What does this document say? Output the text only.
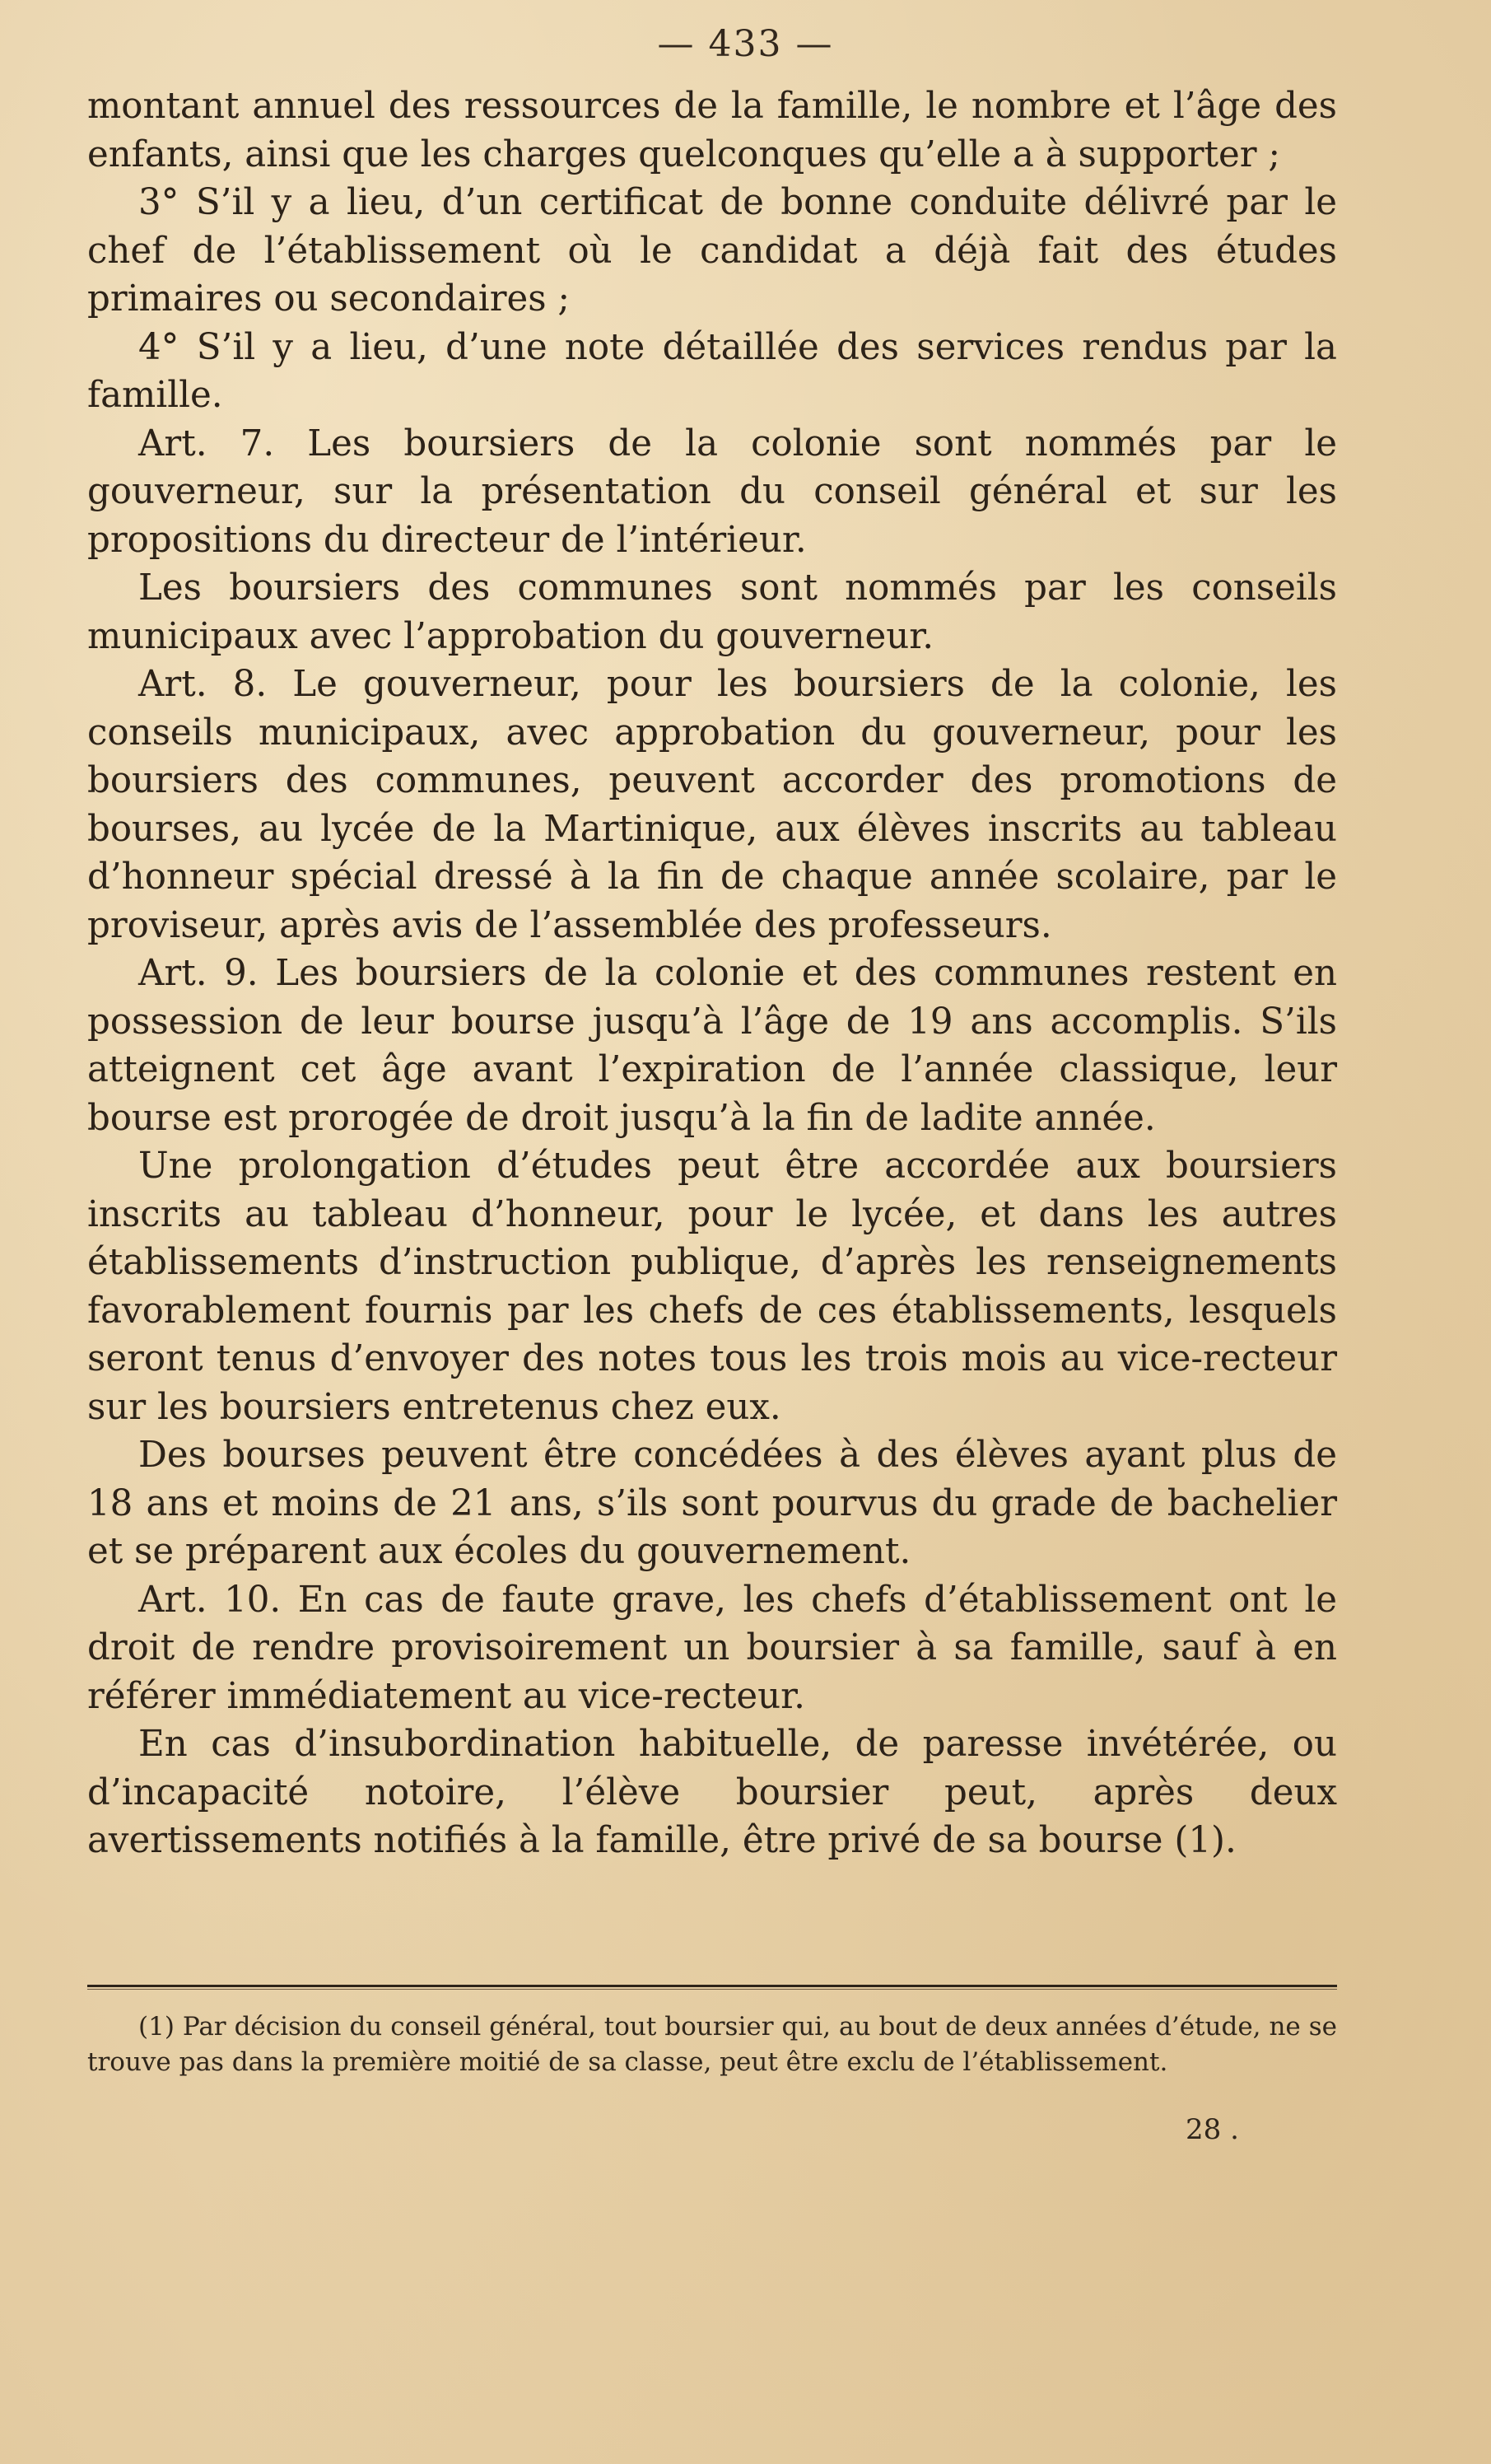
— 433 —

montant annuel des ressources de la famille, le nombre et l’âge des enfants, ainsi que les charges quelconques qu’elle a à supporter ;

3° S’il y a lieu, d’un certificat de bonne conduite délivré par le chef de l’établissement où le candidat a déjà fait des études primaires ou secondaires ;

4° S’il y a lieu, d’une note détaillée des services rendus par la famille.

Art. 7. Les boursiers de la colonie sont nommés par le gouverneur, sur la présentation du conseil général et sur les propositions du directeur de l’intérieur.

Les boursiers des communes sont nommés par les conseils municipaux avec l’approbation du gouverneur.

Art. 8. Le gouverneur, pour les boursiers de la colonie, les conseils municipaux, avec approbation du gouverneur, pour les boursiers des communes, peuvent accorder des promotions de bourses, au lycée de la Martinique, aux élèves inscrits au tableau d’honneur spécial dressé à la fin de chaque année scolaire, par le proviseur, après avis de l’assemblée des professeurs.

Art. 9. Les boursiers de la colonie et des communes restent en possession de leur bourse jusqu’à l’âge de 19 ans accomplis. S’ils atteignent cet âge avant l’expiration de l’année classique, leur bourse est prorogée de droit jusqu’à la fin de ladite année.

Une prolongation d’études peut être accordée aux boursiers inscrits au tableau d’honneur, pour le lycée, et dans les autres établissements d’instruction publique, d’après les renseignements favorablement fournis par les chefs de ces établissements, lesquels seront tenus d’envoyer des notes tous les trois mois au vice-recteur sur les boursiers entretenus chez eux.

Des bourses peuvent être concédées à des élèves ayant plus de 18 ans et moins de 21 ans, s’ils sont pourvus du grade de bachelier et se préparent aux écoles du gouvernement.

Art. 10. En cas de faute grave, les chefs d’établissement ont le droit de rendre provisoirement un boursier à sa famille, sauf à en référer immédiatement au vice-recteur.

En cas d’insubordination habituelle, de paresse invétérée, ou d’incapacité notoire, l’élève boursier peut, après deux avertissements notifiés à la famille, être privé de sa bourse (1).

(1) Par décision du conseil général, tout boursier qui, au bout de deux années d’étude, ne se trouve pas dans la première moitié de sa classe, peut être exclu de l’établissement.
28 .
